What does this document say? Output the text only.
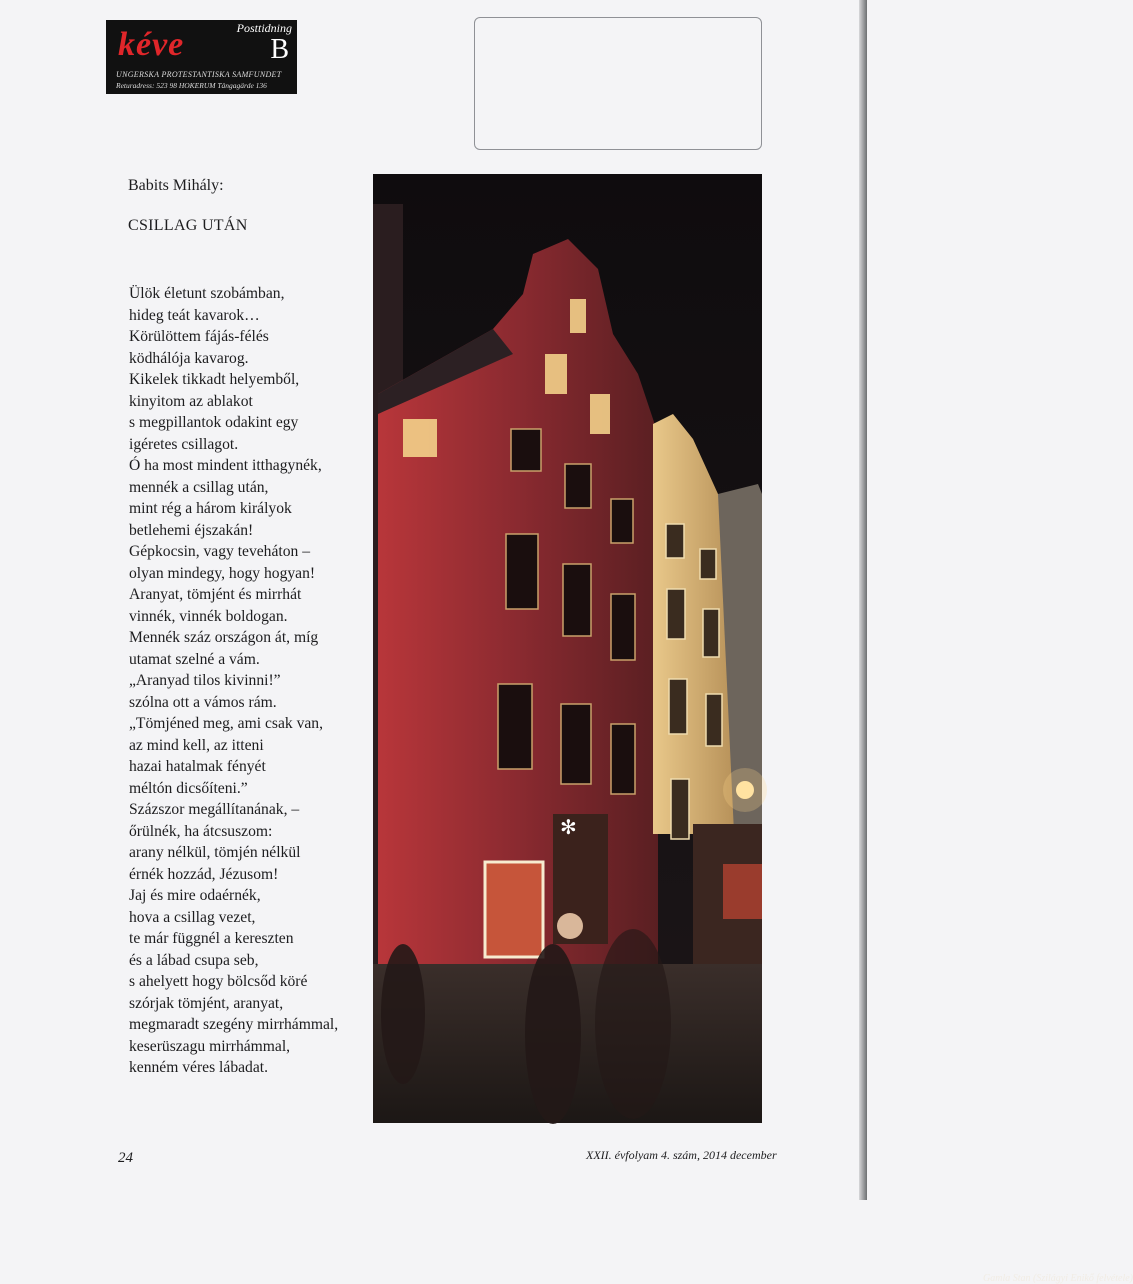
kéve	Posttidning
B
UNGERSKA PROTESTANTISKA SAMFUNDET
Returadress: 523 98 HOKERUM Tängagärde 136
Babits Mihály:
CSILLAG UTÁN
Ülök életunt szobámban,
hideg teát kavarok…
Körülöttem fájás-félés
ködhálója kavarog.
Kikelek tikkadt helyemből,
kinyitom az ablakot
s megpillantok odakint egy
igéretes csillagot.
Ó ha most mindent itthagynék,
mennék a csillag után,
mint rég a három királyok
betlehemi éjszakán!
Gépkocsin, vagy teveháton –
olyan mindegy, hogy hogyan!
Aranyat, tömjént és mirrhát
vinnék, vinnék boldogan.
Mennék száz országon át, míg
utamat szelné a vám.
„Aranyad tilos kivinni!”
szólna ott a vámos rám.
„Tömjéned meg, ami csak van,
az mind kell, az itteni
hazai hatalmak fényét
méltón dicsőíteni.”
Százszor megállítanának, –
őrülnék, ha átcsuszom:
arany nélkül, tömjén nélkül
érnék hozzád, Jézusom!
Jaj és mire odaérnék,
hova a csillag vezet,
te már függnél a kereszten
és a lábad csupa seb,
s ahelyett hogy bölcsőd köré
szórjak tömjént, aranyat,
megmaradt szegény mirrhámmal,
keserüszagu mirrhámmal,
kenném véres lábadat.
✻
Gamla Stan (Szilágyi Enikő felvétele)
24	XXII. évfolyam 4. szám, 2014 december
